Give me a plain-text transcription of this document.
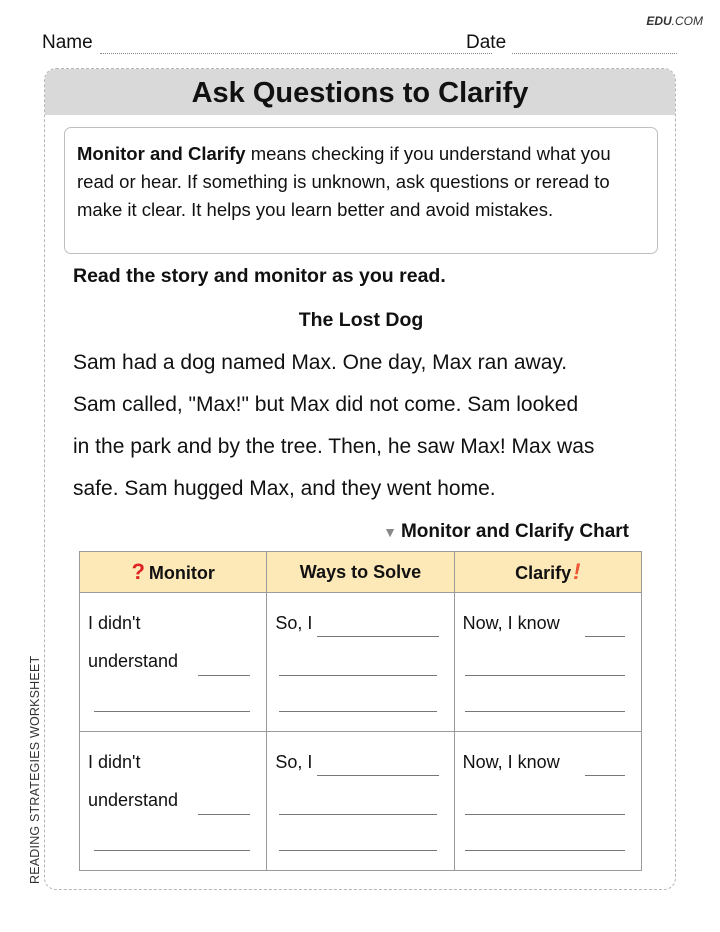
EDU.COM
Name	Date
Ask Questions to Clarify
Monitor and Clarify means checking if you understand what you read or hear. If something is unknown, ask questions or reread to make it clear. It helps you learn better and avoid mistakes.
Read the story and monitor as you read.
The Lost Dog
Sam had a dog named Max. One day, Max ran away.
Sam called, "Max!" but Max did not come. Sam looked
in the park and by the tree. Then, he saw Max! Max was
safe. Sam hugged Max, and they went home.
▼ Monitor and Clarify Chart
? Monitor	Ways to Solve	Clarify!

I didn't
understand	So, I	Now, I know

I didn't
understand	So, I	Now, I know
READING STRATEGIES WORKSHEET
